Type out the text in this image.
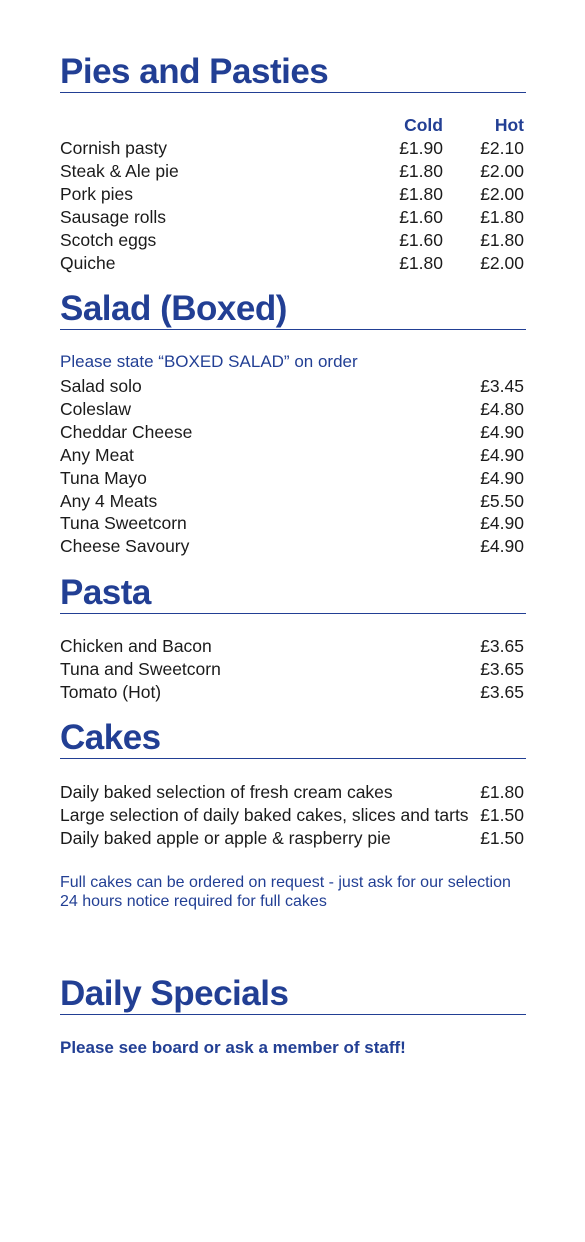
Pies and Pasties
Cold	Hot
Cornish pasty	£1.90 £2.10
Steak & Ale pie	£1.80 £2.00
Pork pies	£1.80 £2.00
Sausage rolls	£1.60 £1.80
Scotch eggs	£1.60 £1.80
Quiche	£1.80 £2.00
Salad (Boxed)
Please state “BOXED SALAD” on order
Salad solo	£3.45
Coleslaw	£4.80
Cheddar Cheese	£4.90
Any Meat	£4.90
Tuna Mayo	£4.90
Any 4 Meats	£5.50
Tuna Sweetcorn	£4.90
Cheese Savoury	£4.90
Pasta
Chicken and Bacon	£3.65
Tuna and Sweetcorn	£3.65
Tomato (Hot)	£3.65
Cakes
Daily baked selection of fresh cream cakes	£1.80
Large selection of daily baked cakes, slices and tarts £1.50
Daily baked apple or apple & raspberry pie	£1.50
Full cakes can be ordered on request - just ask for our selection
24 hours notice required for full cakes
Daily Specials
Please see board or ask a member of staff!
